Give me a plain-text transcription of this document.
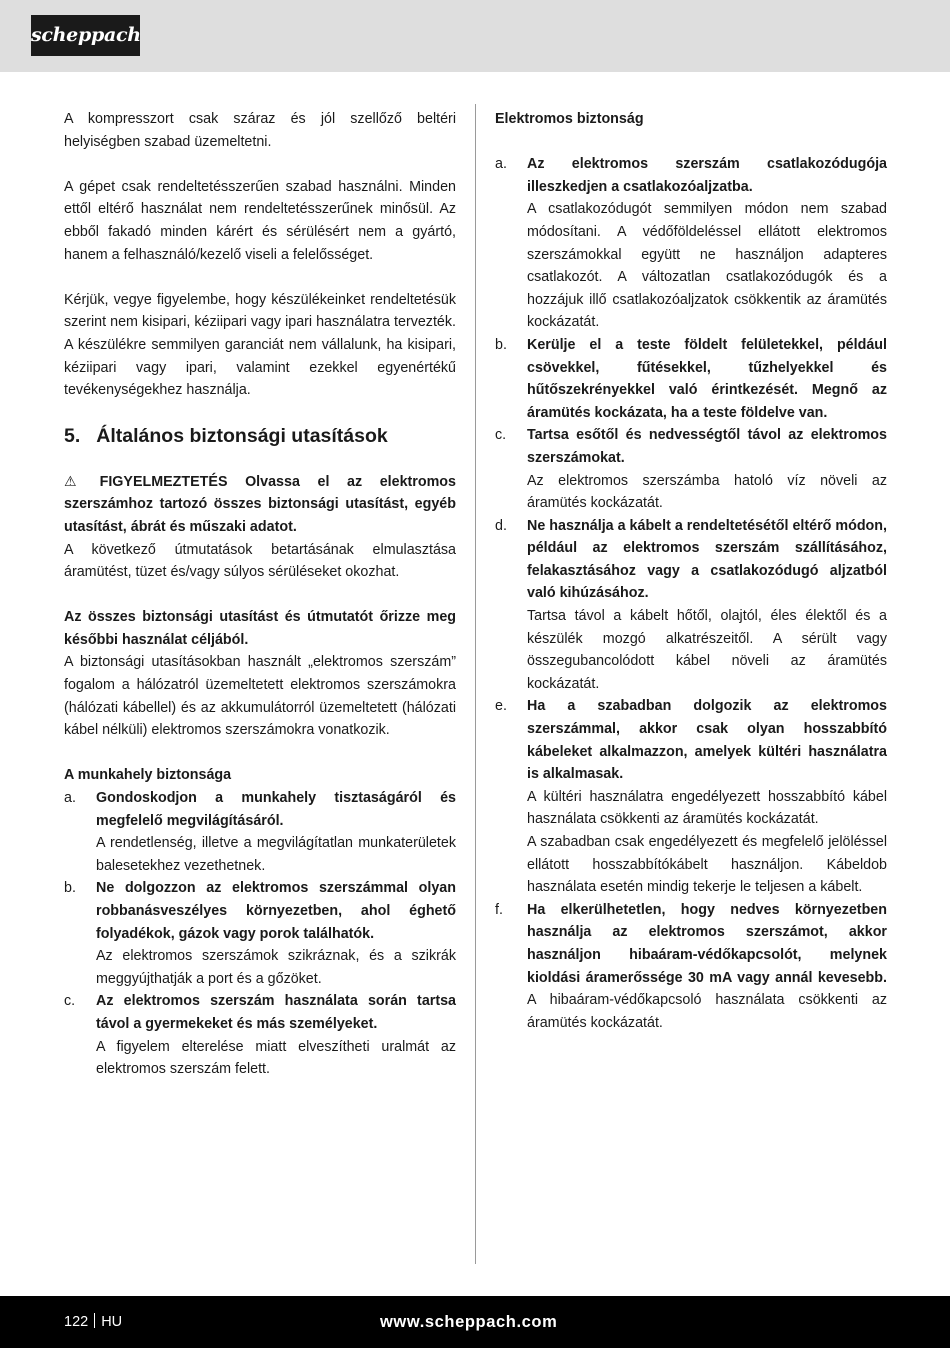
scheppach

A kompresszort csak száraz és jól szellőző beltéri helyiségben szabad üzemeltetni.

A gépet csak rendeltetésszerűen szabad használni. Minden ettől eltérő használat nem rendeltetésszerűnek minősül. Az ebből fakadó minden kárért és sérülésért nem a gyártó, hanem a felhasználó/kezelő viseli a felelősséget.

Kérjük, vegye figyelembe, hogy készülékeinket rendeltetésük szerint nem kisipari, kéziipari vagy ipari használatra tervezték. A készülékre semmilyen garanciát nem vállalunk, ha kisipari, kéziipari vagy ipari, valamint ezekkel egyenértékű tevékenységekhez használja.

5. Általános biztonsági utasítások

⚠ FIGYELMEZTETÉS Olvassa el az elektromos szerszámhoz tartozó összes biztonsági utasítást, egyéb utasítást, ábrát és műszaki adatot.

A következő útmutatások betartásának elmulasztása áramütést, tüzet és/vagy súlyos sérüléseket okozhat.

Az összes biztonsági utasítást és útmutatót őrizze meg későbbi használat céljából.

A biztonsági utasításokban használt „elektromos szerszám” fogalom a hálózatról üzemeltetett elektromos szerszámokra (hálózati kábellel) és az akkumulátorról üzemeltetett (hálózati kábel nélküli) elektromos szerszámokra vonatkozik.

A munkahely biztonsága

a.	Gondoskodjon a munkahely tisztaságáról és megfelelő megvilágításáról.

A rendetlenség, illetve a megvilágítatlan munkaterületek balesetekhez vezethetnek.

b.	Ne dolgozzon az elektromos szerszámmal olyan robbanásveszélyes környezetben, ahol éghető folyadékok, gázok vagy porok találhatók.

Az elektromos szerszámok szikráznak, és a szikrák meggyújthatják a port és a gőzöket.

c.	Az elektromos szerszám használata során tartsa távol a gyermekeket és más személyeket.

A figyelem elterelése miatt elveszítheti uralmát az elektromos szerszám felett.

Elektromos biztonság

a.	Az elektromos szerszám csatlakozódugója illeszkedjen a csatlakozóaljzatba.

A csatlakozódugót semmilyen módon nem szabad módosítani. A védőföldeléssel ellátott elektromos szerszámokkal együtt ne használjon adapteres csatlakozót. A változatlan csatlakozódugók és a hozzájuk illő csatlakozóaljzatok csökkentik az áramütés kockázatát.

b.	Kerülje el a teste földelt felületekkel, például csövekkel, fűtésekkel, tűzhelyekkel és hűtőszekrényekkel való érintkezését. Megnő az áramütés kockázata, ha a teste földelve van.

c.	Tartsa esőtől és nedvességtől távol az elektromos szerszámokat.

Az elektromos szerszámba hatoló víz növeli az áramütés kockázatát.

d.	Ne használja a kábelt a rendeltetésétől eltérő módon, például az elektromos szerszám szállításához, felakasztásához vagy a csatlakozódugó aljzatból való kihúzásához.

Tartsa távol a kábelt hőtől, olajtól, éles élektől és a készülék mozgó alkatrészeitől. A sérült vagy összegubancolódott kábel növeli az áramütés kockázatát.

e.	Ha a szabadban dolgozik az elektromos szerszámmal, akkor csak olyan hosszabbító kábeleket alkalmazzon, amelyek kültéri használatra is alkalmasak.

A kültéri használatra engedélyezett hosszabbító kábel használata csökkenti az áramütés kockázatát.

A szabadban csak engedélyezett és megfelelő jelöléssel ellátott hosszabbítókábelt használjon. Kábeldob használata esetén mindig tekerje le teljesen a kábelt.

f.	Ha elkerülhetetlen, hogy nedves környezetben használja az elektromos szerszámot, akkor használjon hibaáram-védőkapcsolót, melynek kioldási áramerőssége 30 mA vagy annál kevesebb. A hibaáram-védőkapcsoló használata csökkenti az áramütés kockázatát.

122 HU	www.scheppach.com
